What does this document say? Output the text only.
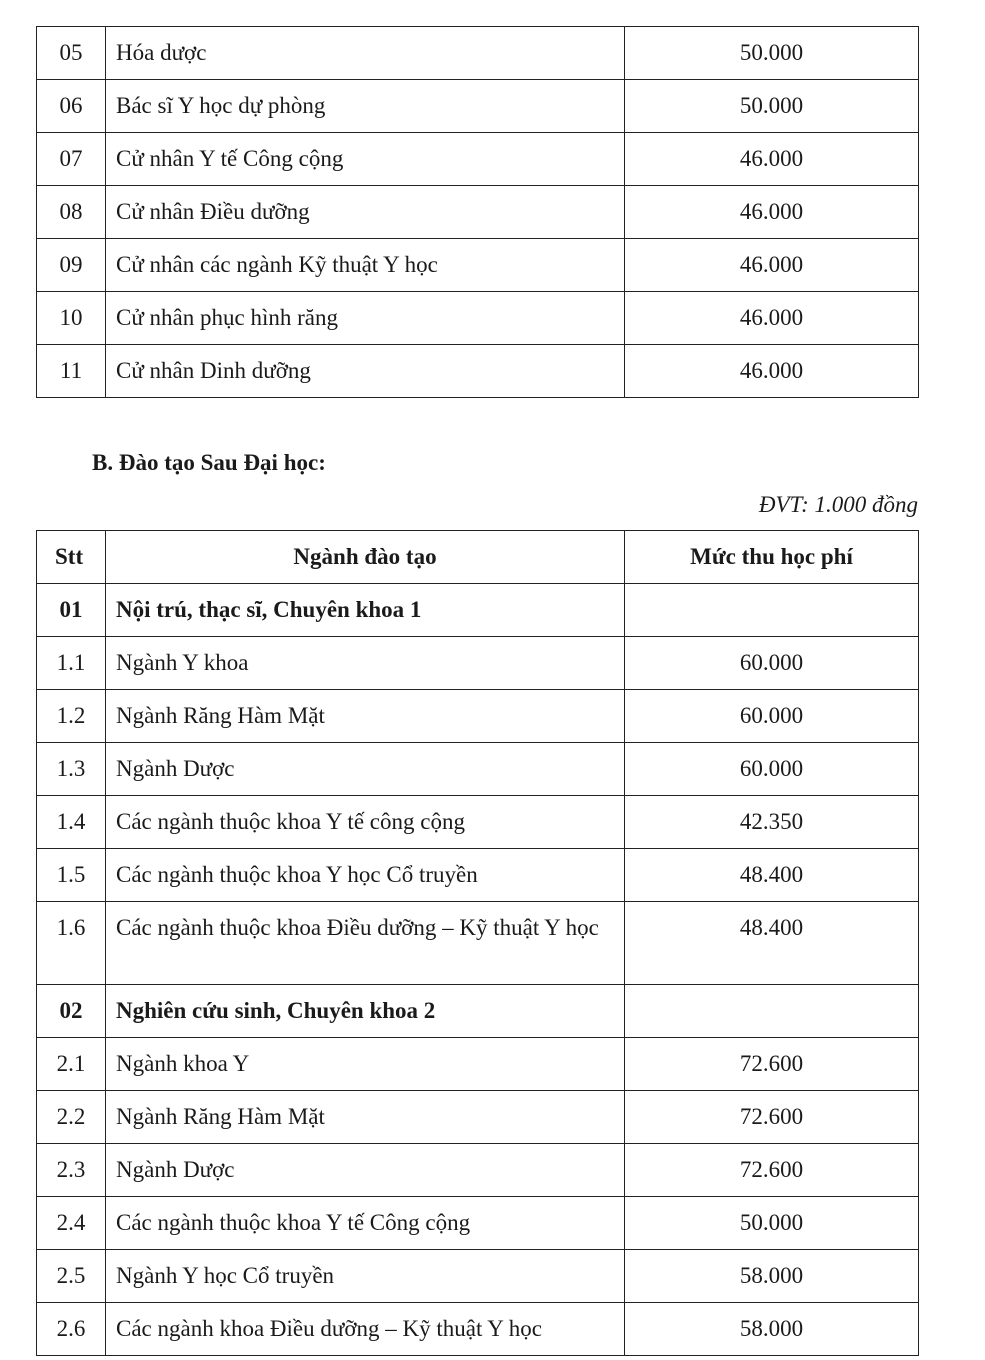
05	Hóa dược	50.000
06	Bác sĩ Y học dự phòng	50.000
07	Cử nhân Y tế Công cộng	46.000
08	Cử nhân Điều dưỡng	46.000
09	Cử nhân các ngành Kỹ thuật Y học	46.000
10	Cử nhân phục hình răng	46.000
11	Cử nhân Dinh dưỡng	46.000
B. Đào tạo Sau Đại học:
ĐVT: 1.000 đồng
Stt	Ngành đào tạo	Mức thu học phí
01	Nội trú, thạc sĩ, Chuyên khoa 1	
1.1	Ngành Y khoa	60.000
1.2	Ngành Răng Hàm Mặt	60.000
1.3	Ngành Dược	60.000
1.4	Các ngành thuộc khoa Y tế công cộng	42.350
1.5	Các ngành thuộc khoa Y học Cổ truyền	48.400
1.6	Các ngành thuộc khoa Điều dưỡng – Kỹ thuật Y học	48.400
02	Nghiên cứu sinh, Chuyên khoa 2	
2.1	Ngành khoa Y	72.600
2.2	Ngành Răng Hàm Mặt	72.600
2.3	Ngành Dược	72.600
2.4	Các ngành thuộc khoa Y tế Công cộng	50.000
2.5	Ngành Y học Cổ truyền	58.000
2.6	Các ngành khoa Điều dưỡng – Kỹ thuật Y học	58.000
